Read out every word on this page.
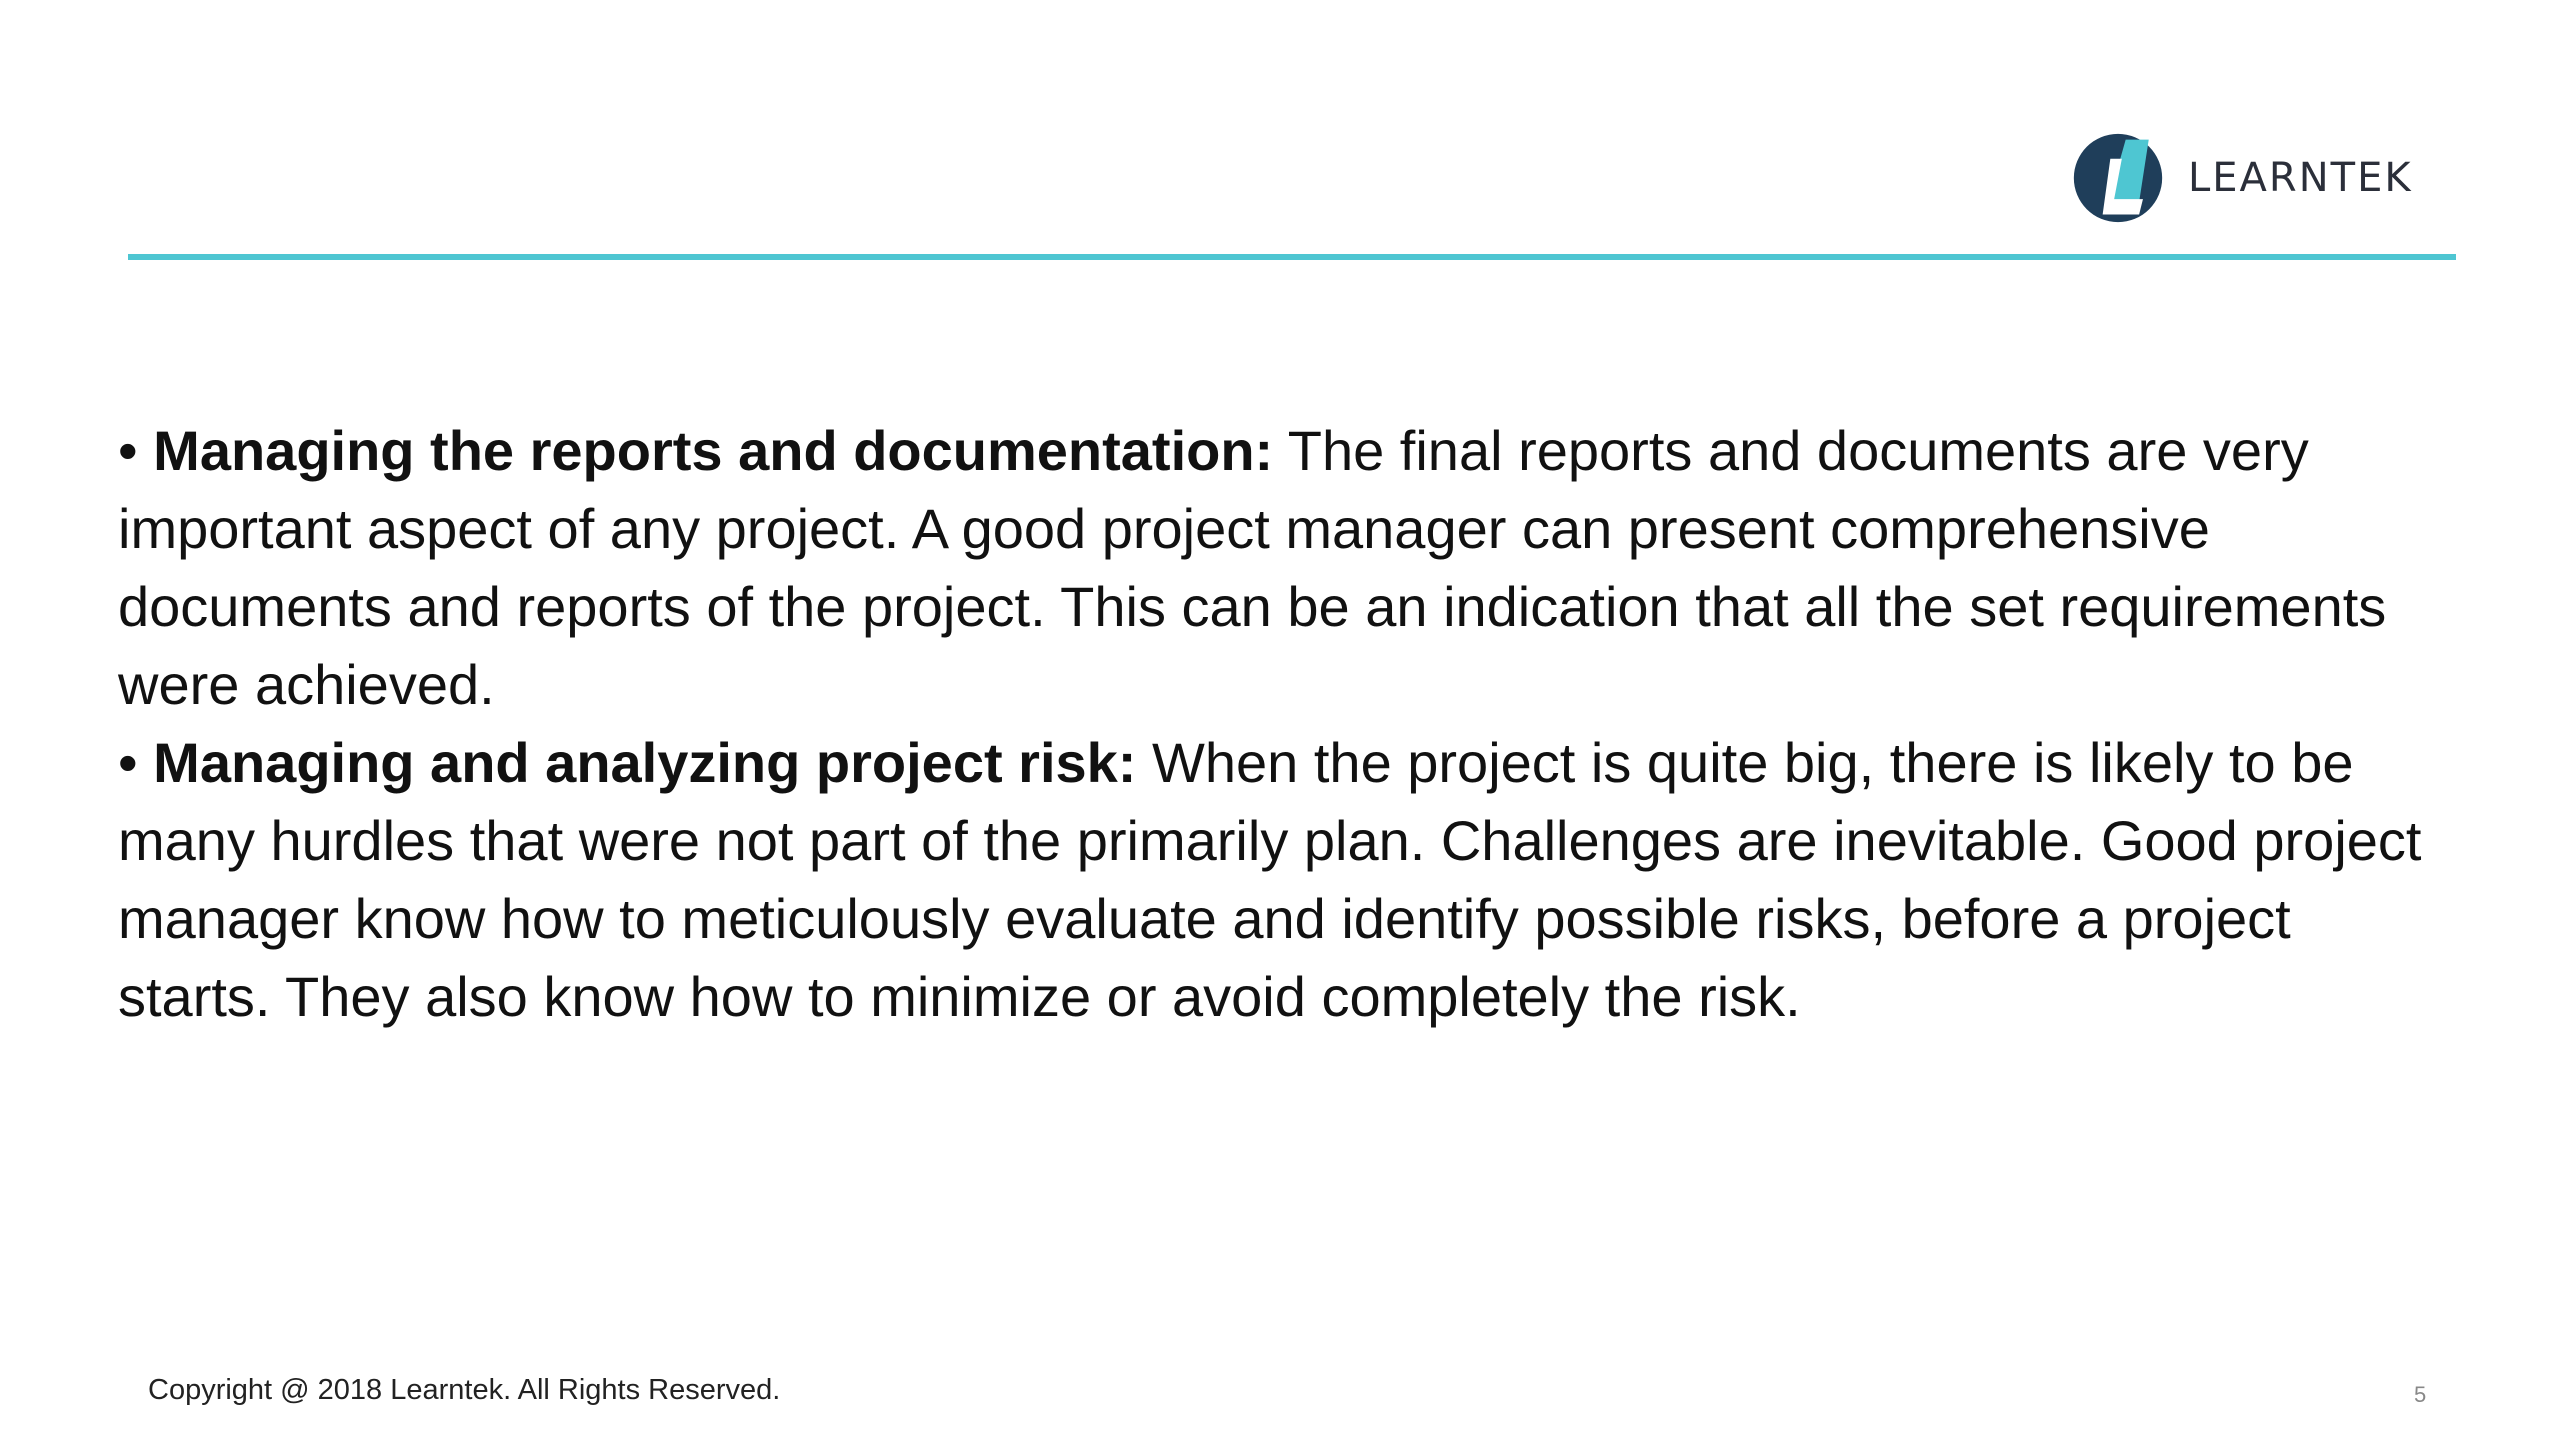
LEARNTEK

• Managing the reports and documentation: The final reports and documents are very important aspect of any project. A good project manager can present comprehensive documents and reports of the project. This can be an indication that all the set requirements were achieved.

• Managing and analyzing project risk: When the project is quite big, there is likely to be many hurdles that were not part of the primarily plan. Challenges are inevitable. Good project manager know how to meticulously evaluate and identify possible risks, before a project starts. They also know how to minimize or avoid completely the risk.

Copyright @ 2018 Learntek. All Rights Reserved.	5
